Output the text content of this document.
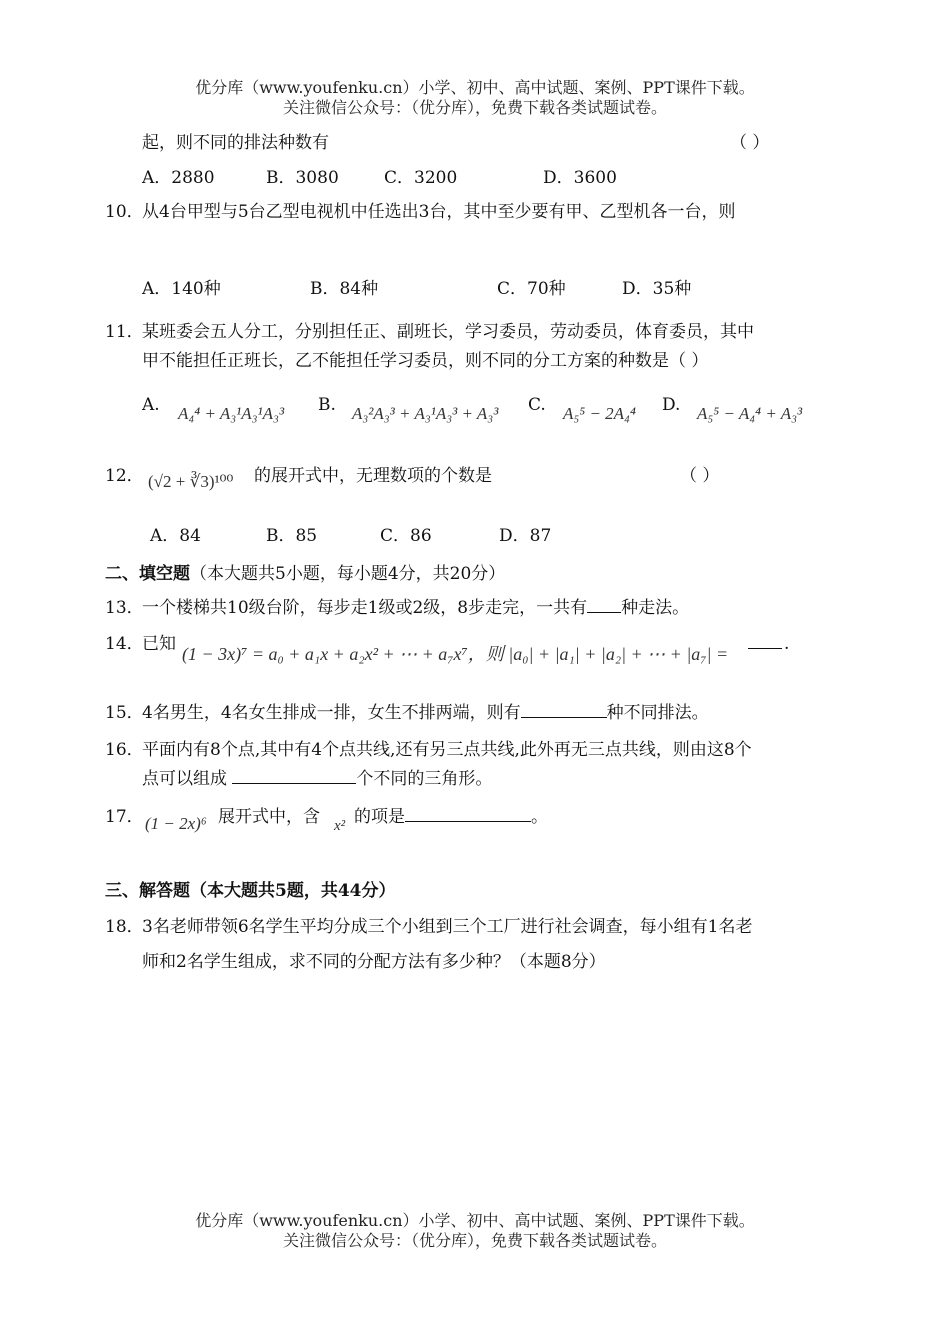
优分库（www.youfenku.cn）小学、初中、高中试题、案例、PPT课件下载。
关注微信公众号：（优分库），免费下载各类试题试卷。
起，则不同的排法种数有	（ ）
A．2880	B．3080	C．3200	D．3600
10．
从4台甲型与5台乙型电视机中任选出3台，其中至少要有甲、乙型机各一台，则
A．140种	B．84种	C．70种	D．35种
11．
某班委会五人分工，分别担任正、副班长，学习委员，劳动委员，体育委员，其中
甲不能担任正班长，乙不能担任学习委员，则不同的分工方案的种数是（ ）
A. A₄⁴ + A₃¹A₃¹A₃³ B. A₃²A₃³ + A₃¹A₃³ + A₃³ C. A₅⁵ − 2A₄⁴ D. A₅⁵ − A₄⁴ + A₃³
12． (√2 + ∛3)¹⁰⁰ 的展开式中，无理数项的个数是	（ ）
A．84	B．85	C．86	D．87
二、填空题（本大题共5小题，每小题4分，共20分）
13．
一个楼梯共10级台阶，每步走1级或2级，8步走完，一共有 种走法。
14．
已知 (1 − 3x)⁷ = a₀ + a₁x + a₂x² + ⋯ + a₇x⁷，则 |a₀| + |a₁| + |a₂| + ⋯ + |a₇| =	.
15．
4名男生，4名女生排成一排，女生不排两端，则有	种不同排法。
16．
平面内有8个点,其中有4个点共线,还有另三点共线,此外再无三点共线，则由这8个
点可以组成	个不同的三角形。
17． (1 − 2x)⁶ 展开式中，含 x² 的项是	。
三、解答题（本大题共5题，共44分）
18．
3名老师带领6名学生平均分成三个小组到三个工厂进行社会调查，每小组有1名老
师和2名学生组成，求不同的分配方法有多少种？（本题8分）
优分库（www.youfenku.cn）小学、初中、高中试题、案例、PPT课件下载。
关注微信公众号：（优分库），免费下载各类试题试卷。
